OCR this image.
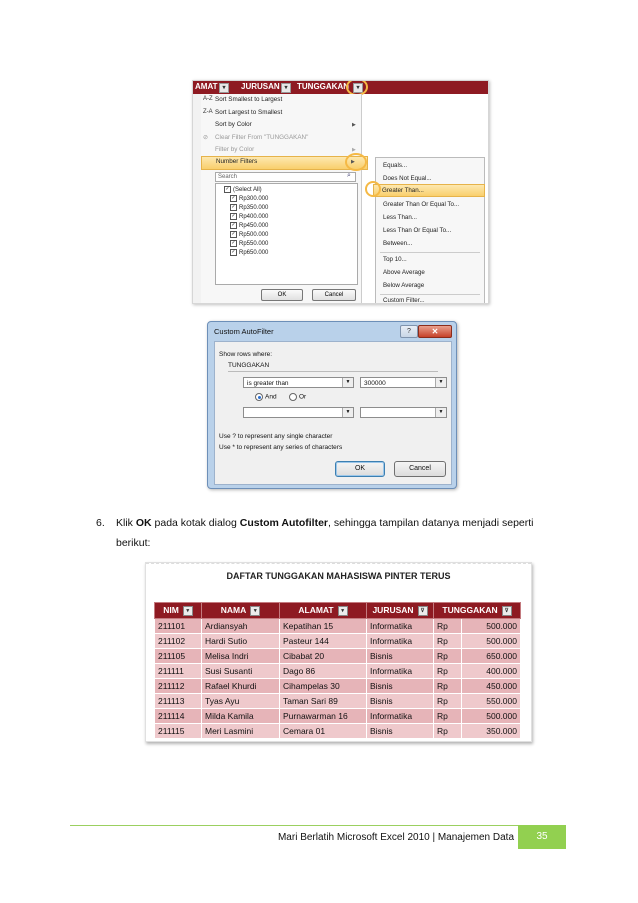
AMAT ▾	JURUSAN ▾	TUNGGAKAN	▾
A-Z Sort Smallest to Largest
Z-A Sort Largest to Smallest
Sort by Color	▶
⊘ Clear Filter From "TUNGGAKAN"
Filter by Color	▶
Number Filters	▶
Search	⌕
✓ (Select All)
✓ Rp300.000
✓ Rp350.000
✓ Rp400.000
✓ Rp450.000
✓ Rp500.000
✓ Rp550.000
✓ Rp650.000
OK	Cancel
Equals...
Does Not Equal...
Greater Than Or Equal To...
Less Than...
Less Than Or Equal To...
Between...
Top 10...
Above Average
Below Average
Custom Filter...
Greater Than...
Custom AutoFilter	?	✕
Show rows where:
TUNGGAKAN
is greater than	▼	300000	▼
And	Or
▼	▼
Use ? to represent any single character
Use * to represent any series of characters
OK	Cancel
6. Klik OK pada kotak dialog Custom Autofilter, sehingga tampilan datanya menjadi seperti berikut:
DAFTAR TUNGGAKAN MAHASISWA PINTER TERUS
NIM ▾	NAMA ▾	ALAMAT ▾	JURUSAN ⊽	TUNGGAKAN ⊽	
211101	Ardiansyah	Kepatihan 15	Informatika	Rp	500.000
211102	Hardi Sutio	Pasteur 144	Informatika	Rp	500.000
211105	Melisa Indri	Cibabat 20	Bisnis	Rp	650.000
211111	Susi Susanti	Dago 86	Informatika	Rp	400.000
211112	Rafael Khurdi	Cihampelas 30	Bisnis	Rp	450.000
211113	Tyas Ayu	Taman Sari 89	Bisnis	Rp	550.000
211114	Milda Kamila	Purnawarman 16	Informatika	Rp	500.000
211115	Meri Lasmini	Cemara 01	Bisnis	Rp	350.000
Mari Berlatih Microsoft Excel 2010 | Manajemen Data	35
